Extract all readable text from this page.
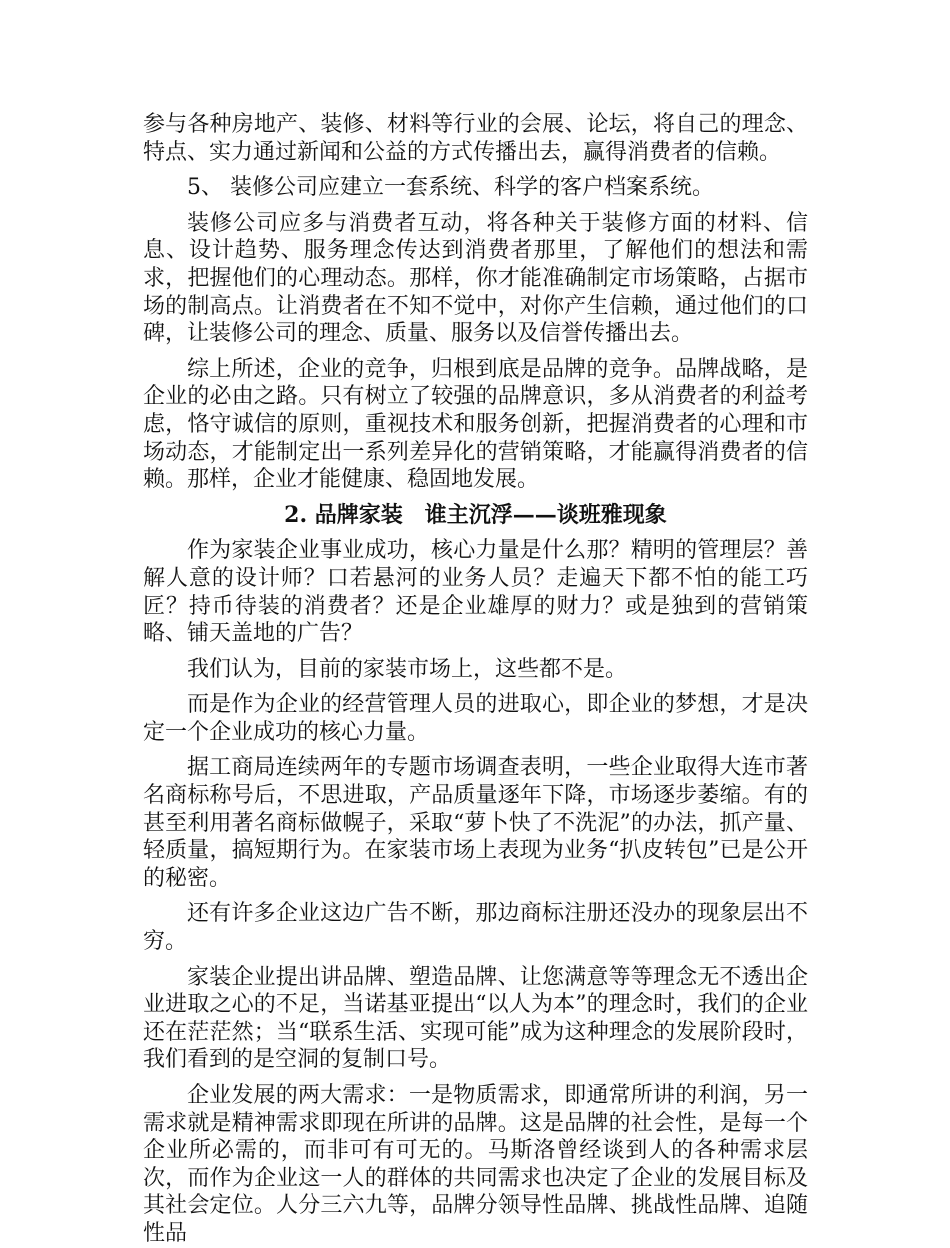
参与各种房地产、装修、材料等行业的会展、论坛，将自己的理念、特点、实力通过新闻和公益的方式传播出去，赢得消费者的信赖。

5、 装修公司应建立一套系统、科学的客户档案系统。

装修公司应多与消费者互动，将各种关于装修方面的材料、信息、设计趋势、服务理念传达到消费者那里，了解他们的想法和需求，把握他们的心理动态。那样，你才能准确制定市场策略，占据市场的制高点。让消费者在不知不觉中，对你产生信赖，通过他们的口碑，让装修公司的理念、质量、服务以及信誉传播出去。

综上所述，企业的竞争，归根到底是品牌的竞争。品牌战略，是企业的必由之路。只有树立了较强的品牌意识，多从消费者的利益考虑，恪守诚信的原则，重视技术和服务创新，把握消费者的心理和市场动态，才能制定出一系列差异化的营销策略，才能赢得消费者的信赖。那样，企业才能健康、稳固地发展。

2. 品牌家装　谁主沉浮——谈班雅现象

作为家装企业事业成功，核心力量是什么那？精明的管理层？善解人意的设计师？口若悬河的业务人员？走遍天下都不怕的能工巧匠？持币待装的消费者？还是企业雄厚的财力？或是独到的营销策略、铺天盖地的广告？

我们认为，目前的家装市场上，这些都不是。

而是作为企业的经营管理人员的进取心，即企业的梦想，才是决定一个企业成功的核心力量。

据工商局连续两年的专题市场调查表明，一些企业取得大连市著名商标称号后，不思进取，产品质量逐年下降，市场逐步萎缩。有的甚至利用著名商标做幌子，采取“萝卜快了不洗泥”的办法，抓产量、轻质量，搞短期行为。在家装市场上表现为业务“扒皮转包”已是公开的秘密。

还有许多企业这边广告不断，那边商标注册还没办的现象层出不穷。

家装企业提出讲品牌、塑造品牌、让您满意等等理念无不透出企业进取之心的不足，当诺基亚提出“以人为本”的理念时，我们的企业还在茫茫然；当“联系生活、实现可能”成为这种理念的发展阶段时，我们看到的是空洞的复制口号。

企业发展的两大需求：一是物质需求，即通常所讲的利润，另一需求就是精神需求即现在所讲的品牌。这是品牌的社会性，是每一个企业所必需的，而非可有可无的。马斯洛曾经谈到人的各种需求层次，而作为企业这一人的群体的共同需求也决定了企业的发展目标及其社会定位。人分三六九等，品牌分领导性品牌、挑战性品牌、追随性品
